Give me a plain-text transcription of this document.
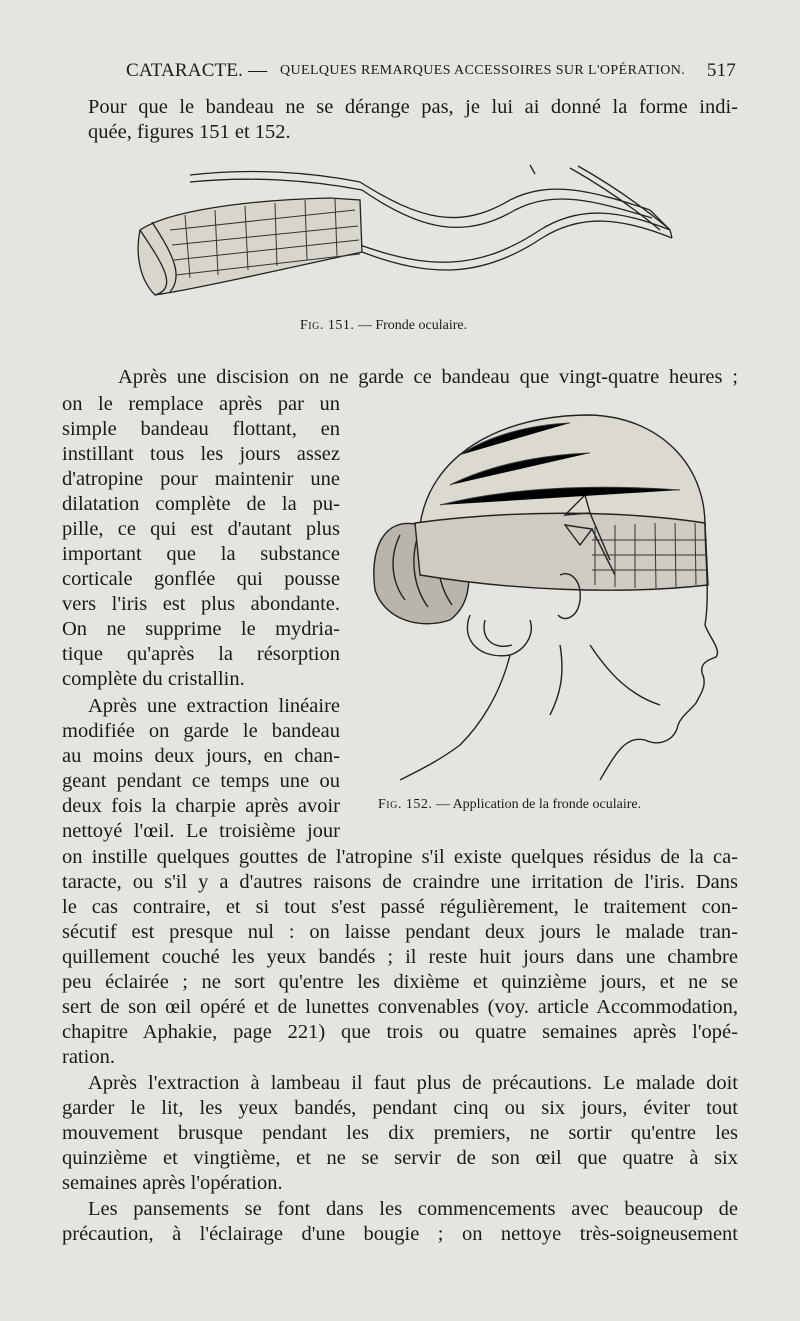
CATARACTE. — QUELQUES REMARQUES ACCESSOIRES SUR L'OPÉRATION. 517
Pour que le bandeau ne se dérange pas, je lui ai donné la forme indi-
quée, figures 151 et 152.
Fig. 151. — Fronde oculaire.
Après une discision on ne garde ce bandeau que vingt-quatre heures ;
on le remplace après par un
simple bandeau flottant, en
instillant tous les jours assez
d'atropine pour maintenir une
dilatation complète de la pu-
pille, ce qui est d'autant plus
important que la substance
corticale gonflée qui pousse
vers l'iris est plus abondante.
On ne supprime le mydria-
tique qu'après la résorption
complète du cristallin.
Après une extraction linéaire
modifiée on garde le bandeau
au moins deux jours, en chan-
geant pendant ce temps une ou
deux fois la charpie après avoir
nettoyé l'œil. Le troisième jour
Fig. 152. — Application de la fronde oculaire.
on instille quelques gouttes de l'atropine s'il existe quelques résidus de la ca-
taracte, ou s'il y a d'autres raisons de craindre une irritation de l'iris. Dans
le cas contraire, et si tout s'est passé régulièrement, le traitement con-
sécutif est presque nul : on laisse pendant deux jours le malade tran-
quillement couché les yeux bandés ; il reste huit jours dans une chambre
peu éclairée ; ne sort qu'entre les dixième et quinzième jours, et ne se
sert de son œil opéré et de lunettes convenables (voy. article Accommodation,
chapitre Aphakie, page 221) que trois ou quatre semaines après l'opé-
ration.
Après l'extraction à lambeau il faut plus de précautions. Le malade doit
garder le lit, les yeux bandés, pendant cinq ou six jours, éviter tout
mouvement brusque pendant les dix premiers, ne sortir qu'entre les
quinzième et vingtième, et ne se servir de son œil que quatre à six
semaines après l'opération.
Les pansements se font dans les commencements avec beaucoup de
précaution, à l'éclairage d'une bougie ; on nettoye très-soigneusement
